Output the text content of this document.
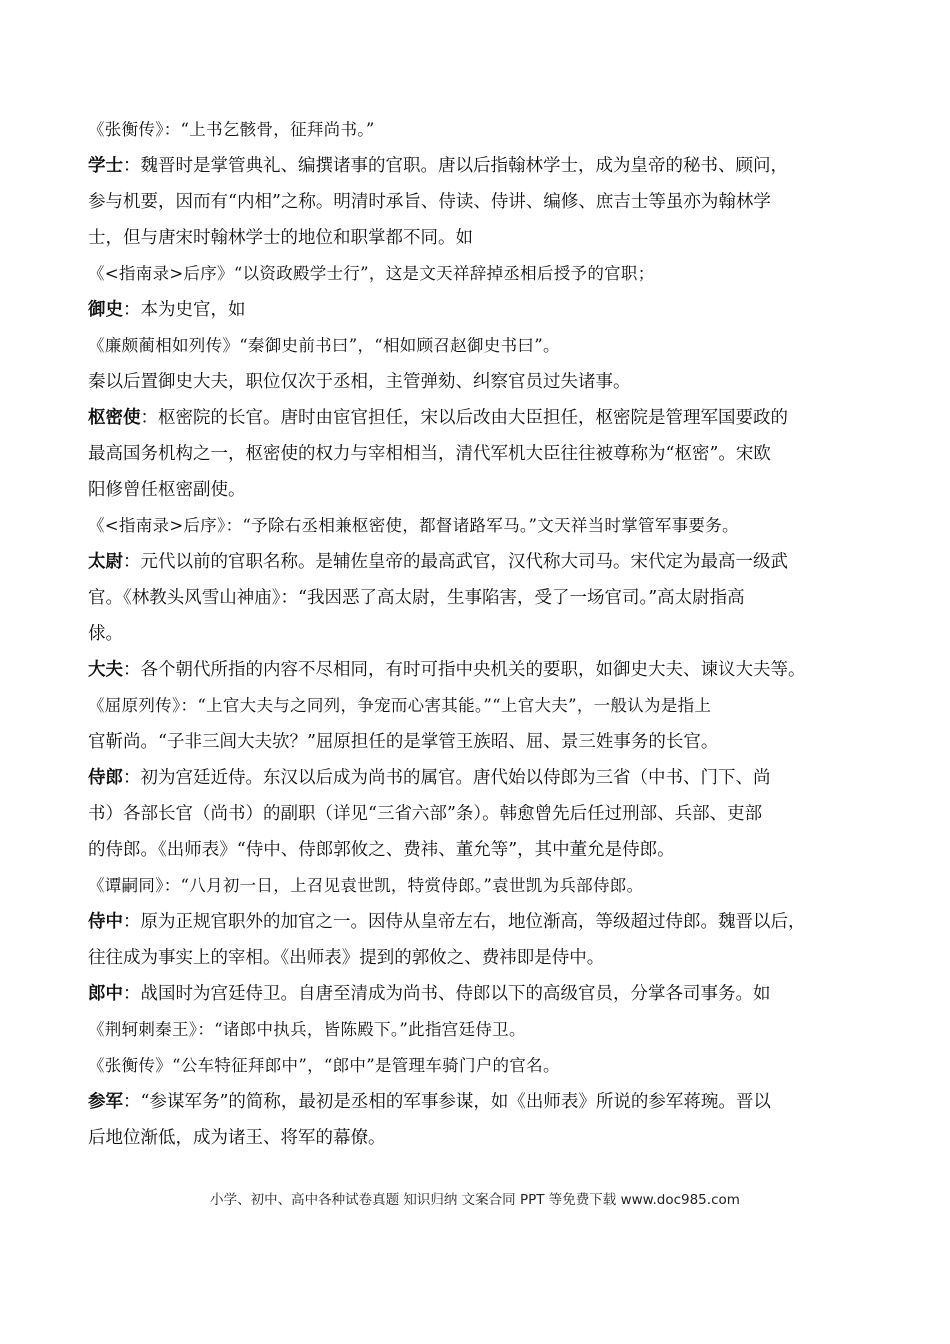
《张衡传》：“上书乞骸骨，征拜尚书。”
学士：魏晋时是掌管典礼、编撰诸事的官职。唐以后指翰林学士，成为皇帝的秘书、顾问，
参与机要，因而有“内相”之称。明清时承旨、侍读、侍讲、编修、庶吉士等虽亦为翰林学
士，但与唐宋时翰林学士的地位和职掌都不同。如
《<指南录>后序》“以资政殿学士行”，这是文天祥辞掉丞相后授予的官职；
御史：本为史官，如
《廉颇蔺相如列传》“秦御史前书曰”，“相如顾召赵御史书曰”。
秦以后置御史大夫，职位仅次于丞相，主管弹劾、纠察官员过失诸事。
枢密使：枢密院的长官。唐时由宦官担任，宋以后改由大臣担任，枢密院是管理军国要政的
最高国务机构之一，枢密使的权力与宰相相当，清代军机大臣往往被尊称为“枢密”。宋欧
阳修曾任枢密副使。
《<指南录>后序》：“予除右丞相兼枢密使，都督诸路军马。”文天祥当时掌管军事要务。
太尉：元代以前的官职名称。是辅佐皇帝的最高武官，汉代称大司马。宋代定为最高一级武
官。《林教头风雪山神庙》：“我因恶了高太尉，生事陷害，受了一场官司。”高太尉指高
俅。
大夫：各个朝代所指的内容不尽相同，有时可指中央机关的要职，如御史大夫、谏议大夫等。
《屈原列传》：“上官大夫与之同列，争宠而心害其能。”“上官大夫”，一般认为是指上
官靳尚。“子非三闾大夫欤？”屈原担任的是掌管王族昭、屈、景三姓事务的长官。
侍郎：初为宫廷近侍。东汉以后成为尚书的属官。唐代始以侍郎为三省（中书、门下、尚
书）各部长官（尚书）的副职（详见“三省六部”条）。韩愈曾先后任过刑部、兵部、吏部
的侍郎。《出师表》“侍中、侍郎郭攸之、费祎、董允等”，其中董允是侍郎。
《谭嗣同》：“八月初一日，上召见袁世凯，特赏侍郎。”袁世凯为兵部侍郎。
侍中：原为正规官职外的加官之一。因侍从皇帝左右，地位渐高，等级超过侍郎。魏晋以后，
往往成为事实上的宰相。《出师表》提到的郭攸之、费祎即是侍中。
郎中：战国时为宫廷侍卫。自唐至清成为尚书、侍郎以下的高级官员，分掌各司事务。如
《荆轲刺秦王》：“诸郎中执兵，皆陈殿下。”此指宫廷侍卫。
《张衡传》“公车特征拜郎中”，“郎中”是管理车骑门户的官名。
参军：“参谋军务”的简称，最初是丞相的军事参谋，如《出师表》所说的参军蒋琬。晋以
后地位渐低，成为诸王、将军的幕僚。
小学、初中、高中各种试卷真题 知识归纳 文案合同 PPT 等免费下载 www.doc985.com
